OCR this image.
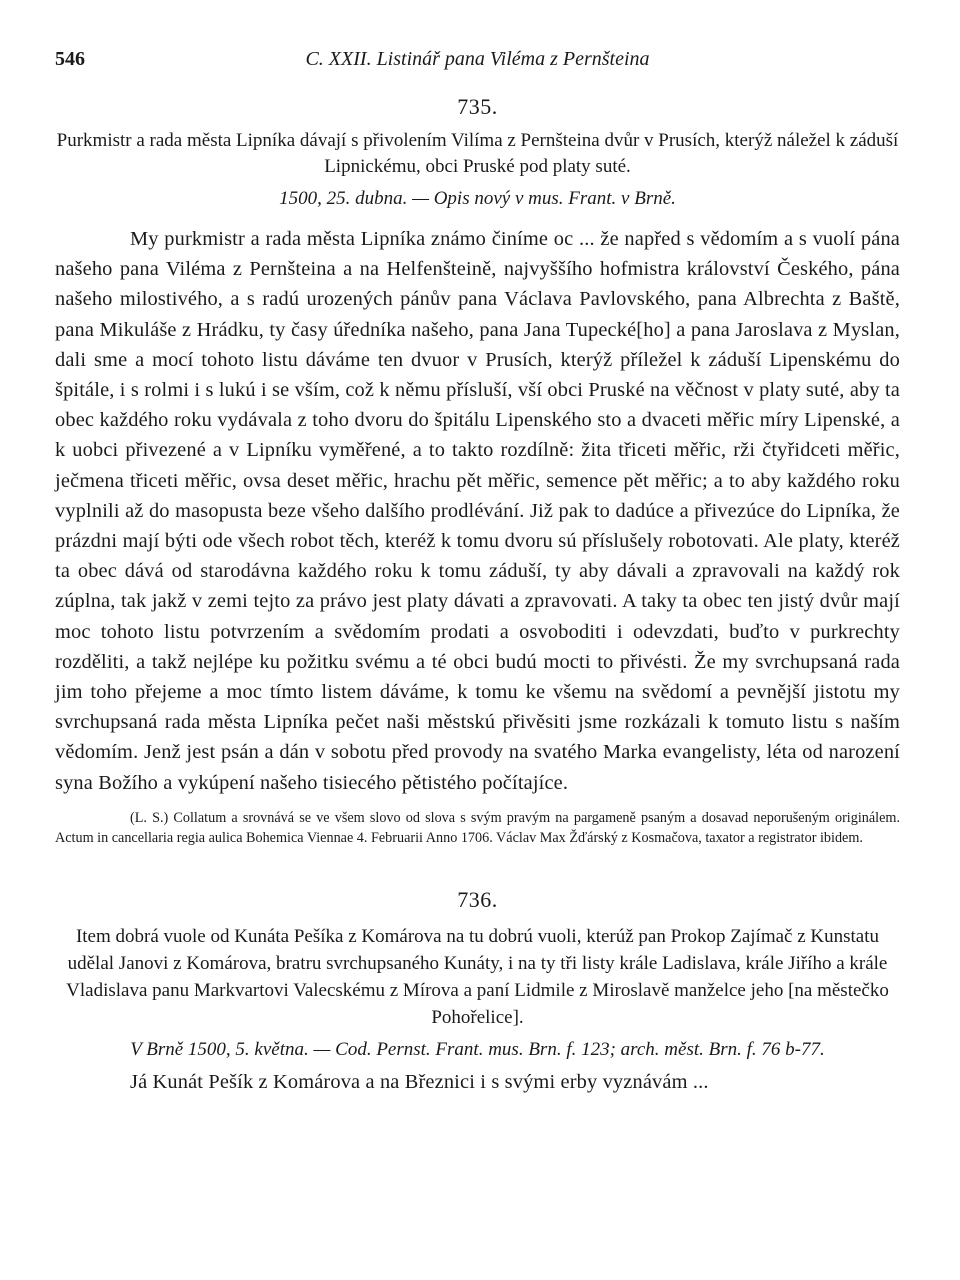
546	C. XXII. Listinář pana Viléma z Pernšteina
735.

Purkmistr a rada města Lipníka dávají s přivolením Vilíma z Pernšteina dvůr v Prusích, kterýž náležel k záduší Lipnickému, obci Pruské pod platy suté.

1500, 25. dubna. — Opis nový v mus. Frant. v Brně.

My purkmistr a rada města Lipníka známo činíme oc ... že napřed s vědomím a s vuolí pána našeho pana Viléma z Pernšteina a na Helfenšteině, najvyššího hofmistra království Českého, pána našeho milostivého, a s radú urozených pánův pana Václava Pavlovského, pana Albrechta z Baště, pana Mikuláše z Hrádku, ty časy úředníka našeho, pana Jana Tupecké[ho] a pana Jaroslava z Myslan, dali sme a mocí tohoto listu dáváme ten dvuor v Prusích, kterýž příležel k záduší Lipenskému do špitále, i s rolmi i s lukú i se vším, což k němu přísluší, vší obci Pruské na věčnost v platy suté, aby ta obec každého roku vydávala z toho dvoru do špitálu Lipenského sto a dvaceti měřic míry Lipenské, a k uobci přivezené a v Lipníku vyměřené, a to takto rozdílně: žita třiceti měřic, rži čtyřidceti měřic, ječmena třiceti měřic, ovsa deset měřic, hrachu pět měřic, semence pět měřic; a to aby každého roku vyplnili až do masopusta beze všeho dalšího prodlévání. Již pak to dadúce a přivezúce do Lipníka, že prázdni mají býti ode všech robot těch, kteréž k tomu dvoru sú příslušely robotovati. Ale platy, kteréž ta obec dává od starodávna každého roku k tomu záduší, ty aby dávali a zpravovali na každý rok zúplna, tak jakž v zemi tejto za právo jest platy dávati a zpravovati. A taky ta obec ten jistý dvůr mají moc tohoto listu potvrzením a svědomím prodati a osvoboditi i odevzdati, buďto v purkrechty rozděliti, a takž nejlépe ku požitku svému a té obci budú mocti to přivésti. Že my svrchupsaná rada jim toho přejeme a moc tímto listem dáváme, k tomu ke všemu na svědomí a pevnější jistotu my svrchupsaná rada města Lipníka pečet naši městskú přivěsiti jsme rozkázali k tomuto listu s naším vědomím. Jenž jest psán a dán v sobotu před provody na svatého Marka evangelisty, léta od narození syna Božího a vykúpení našeho tisiecého pětistého počítajíce.

(L. S.) Collatum a srovnává se ve všem slovo od slova s svým pravým na pargameně psaným a dosavad neporušeným originálem. Actum in cancellaria regia aulica Bohemica Viennae 4. Februarii Anno 1706. Václav Max Žďárský z Kosmačova, taxator a registrator ibidem.

736.

Item dobrá vuole od Kunáta Pešíka z Komárova na tu dobrú vuoli, kterúž pan Prokop Zajímač z Kunstatu udělal Janovi z Komárova, bratru svrchupsaného Kunáty, i na ty tři listy krále Ladislava, krále Jiřího a krále Vladislava panu Markvartovi Valecskému z Mírova a paní Lidmile z Miroslavě manželce jeho [na městečko Pohořelice].

V Brně 1500, 5. května. — Cod. Pernst. Frant. mus. Brn. f. 123; arch. měst. Brn. f. 76 b-77.

Já Kunát Pešík z Komárova a na Březnici i s svými erby vyznávám ...
